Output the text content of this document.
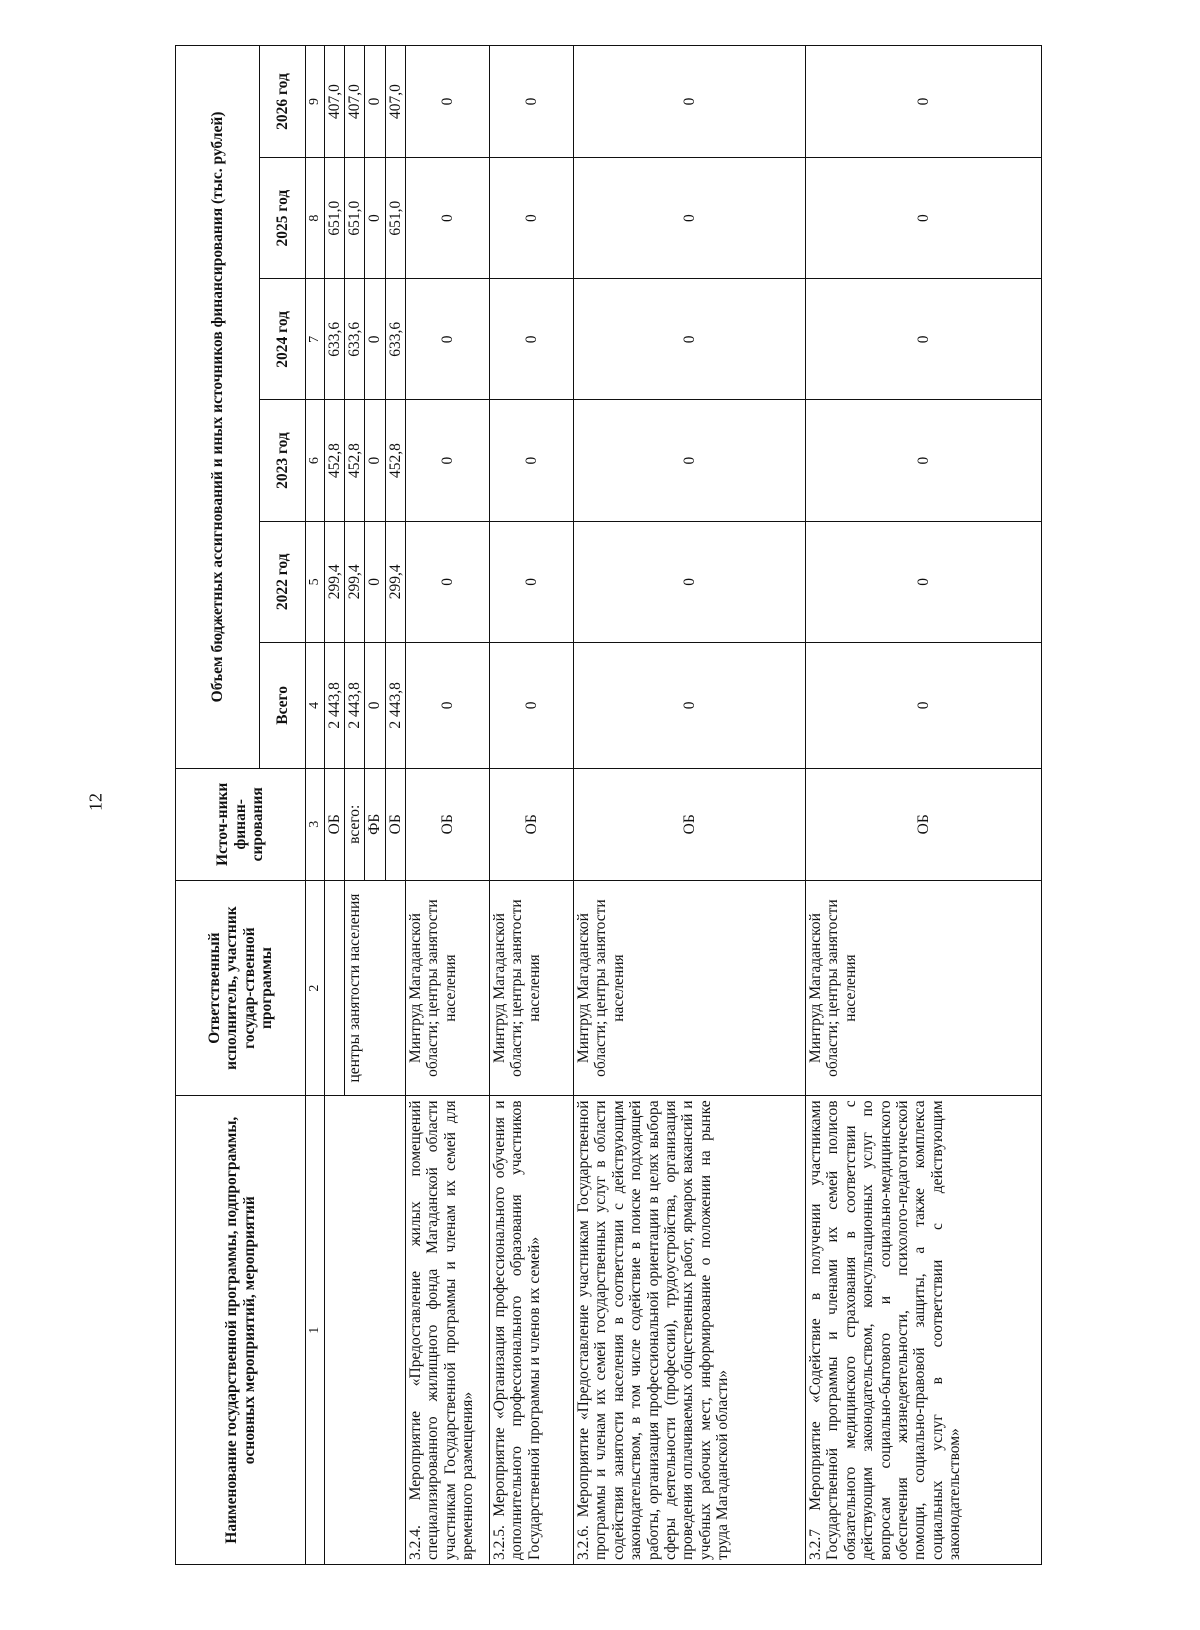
12
Наименование государственной программы, подпрограммы, основных мероприятий, мероприятий	Ответственный исполнитель, участник государ-ственной программы	Источ-ники финан-сирования	Объем бюджетных ассигнований и иных источников финансирования (тыс. рублей)					
			Всего	2022 год	2023 год	2024 год	2025 год	2026 год
1	2	3	4	5	6	7	8	9
		ОБ	2 443,8	299,4	452,8	633,6	651,0	407,0
	центры занятости населения	всего:	2 443,8	299,4	452,8	633,6	651,0	407,0
		ФБ	0	0	0	0	0	0
		ОБ	2 443,8	299,4	452,8	633,6	651,0	407,0
3.2.4. Мероприятие «Предоставление жилых помещений специализированного жилищного фонда Магаданской области участникам Государственной программы и членам их семей для временного размещения»	Минтруд Магаданской области; центры занятости населения	ОБ	0	0	0	0	0	0
3.2.5. Мероприятие «Организация профессионального обучения и дополнительного профессионального образования участников Государственной программы и членов их семей»	Минтруд Магаданской области; центры занятости населения	ОБ	0	0	0	0	0	0
3.2.6. Мероприятие «Предоставление участникам Государственной программы и членам их семей государственных услуг в области содействия занятости населения в соответствии с действующим законодательством, в том числе содействие в поиске подходящей работы, организация профессиональной ориентации в целях выбора сферы деятельности (профессии), трудоустройства, организация проведения оплачиваемых общественных работ, ярмарок вакансий и учебных рабочих мест, информирование о положении на рынке труда Магаданской области»	Минтруд Магаданской области; центры занятости населения	ОБ	0	0	0	0	0	0
3.2.7 Мероприятие «Содействие в получении участниками Государственной программы и членами их семей полисов обязательного медицинского страхования в соответствии с действующим законодательством, консультационных услуг по вопросам социально-бытового и социально-медицинского обеспечения жизнедеятельности, психолого-педагогической помощи, социально-правовой защиты, а также комплекса социальных услуг в соответствии с действующим законодательством»	Минтруд Магаданской области; центры занятости населения	ОБ	0	0	0	0	0	0
